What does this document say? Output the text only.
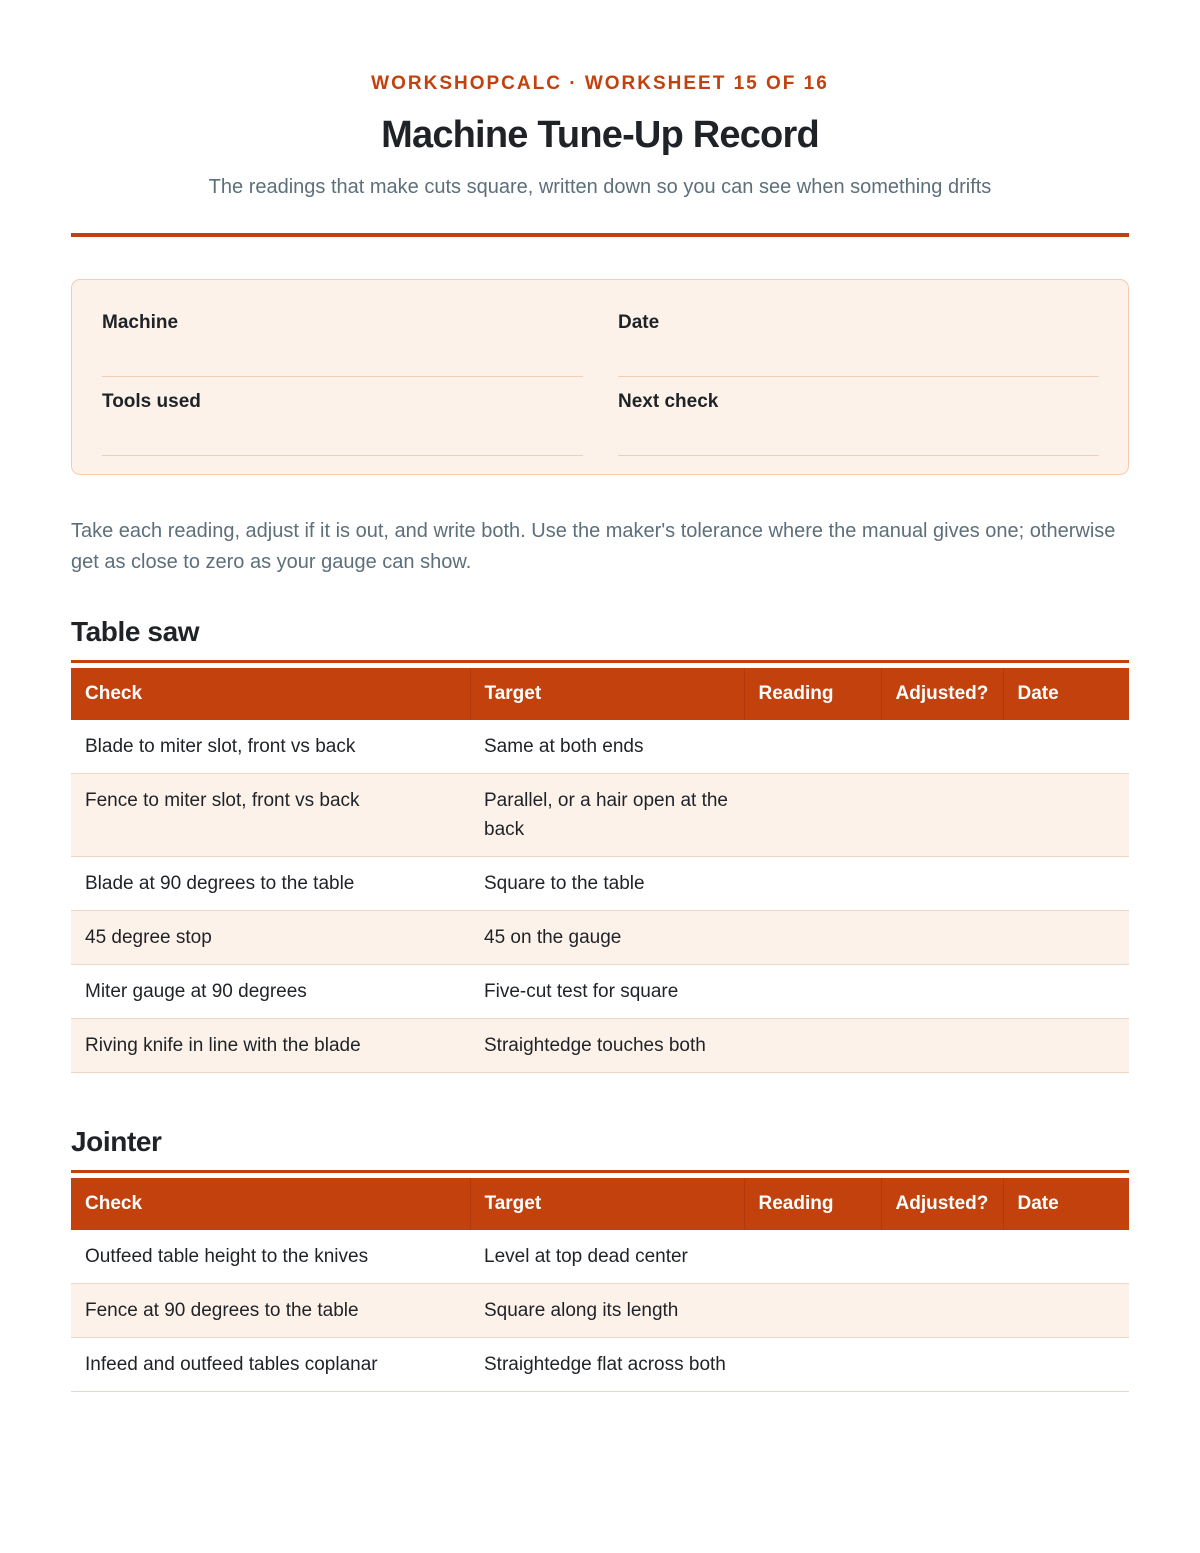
WORKSHOPCALC · WORKSHEET 15 OF 16
Machine Tune-Up Record
The readings that make cuts square, written down so you can see when something drifts
Machine	Date
Tools used	Next check

Take each reading, adjust if it is out, and write both. Use the maker's tolerance where the manual gives one; otherwise get as close to zero as your gauge can show.

Table saw
Check	Target	Reading	Adjusted?	Date
Blade to miter slot, front vs back	Same at both ends			
Fence to miter slot, front vs back	Parallel, or a hair open at the back			
Blade at 90 degrees to the table	Square to the table			
45 degree stop	45 on the gauge			
Miter gauge at 90 degrees	Five-cut test for square			
Riving knife in line with the blade	Straightedge touches both			
Jointer
Check	Target	Reading	Adjusted?	Date
Outfeed table height to the knives	Level at top dead center			
Fence at 90 degrees to the table	Square along its length			
Infeed and outfeed tables coplanar	Straightedge flat across both			
